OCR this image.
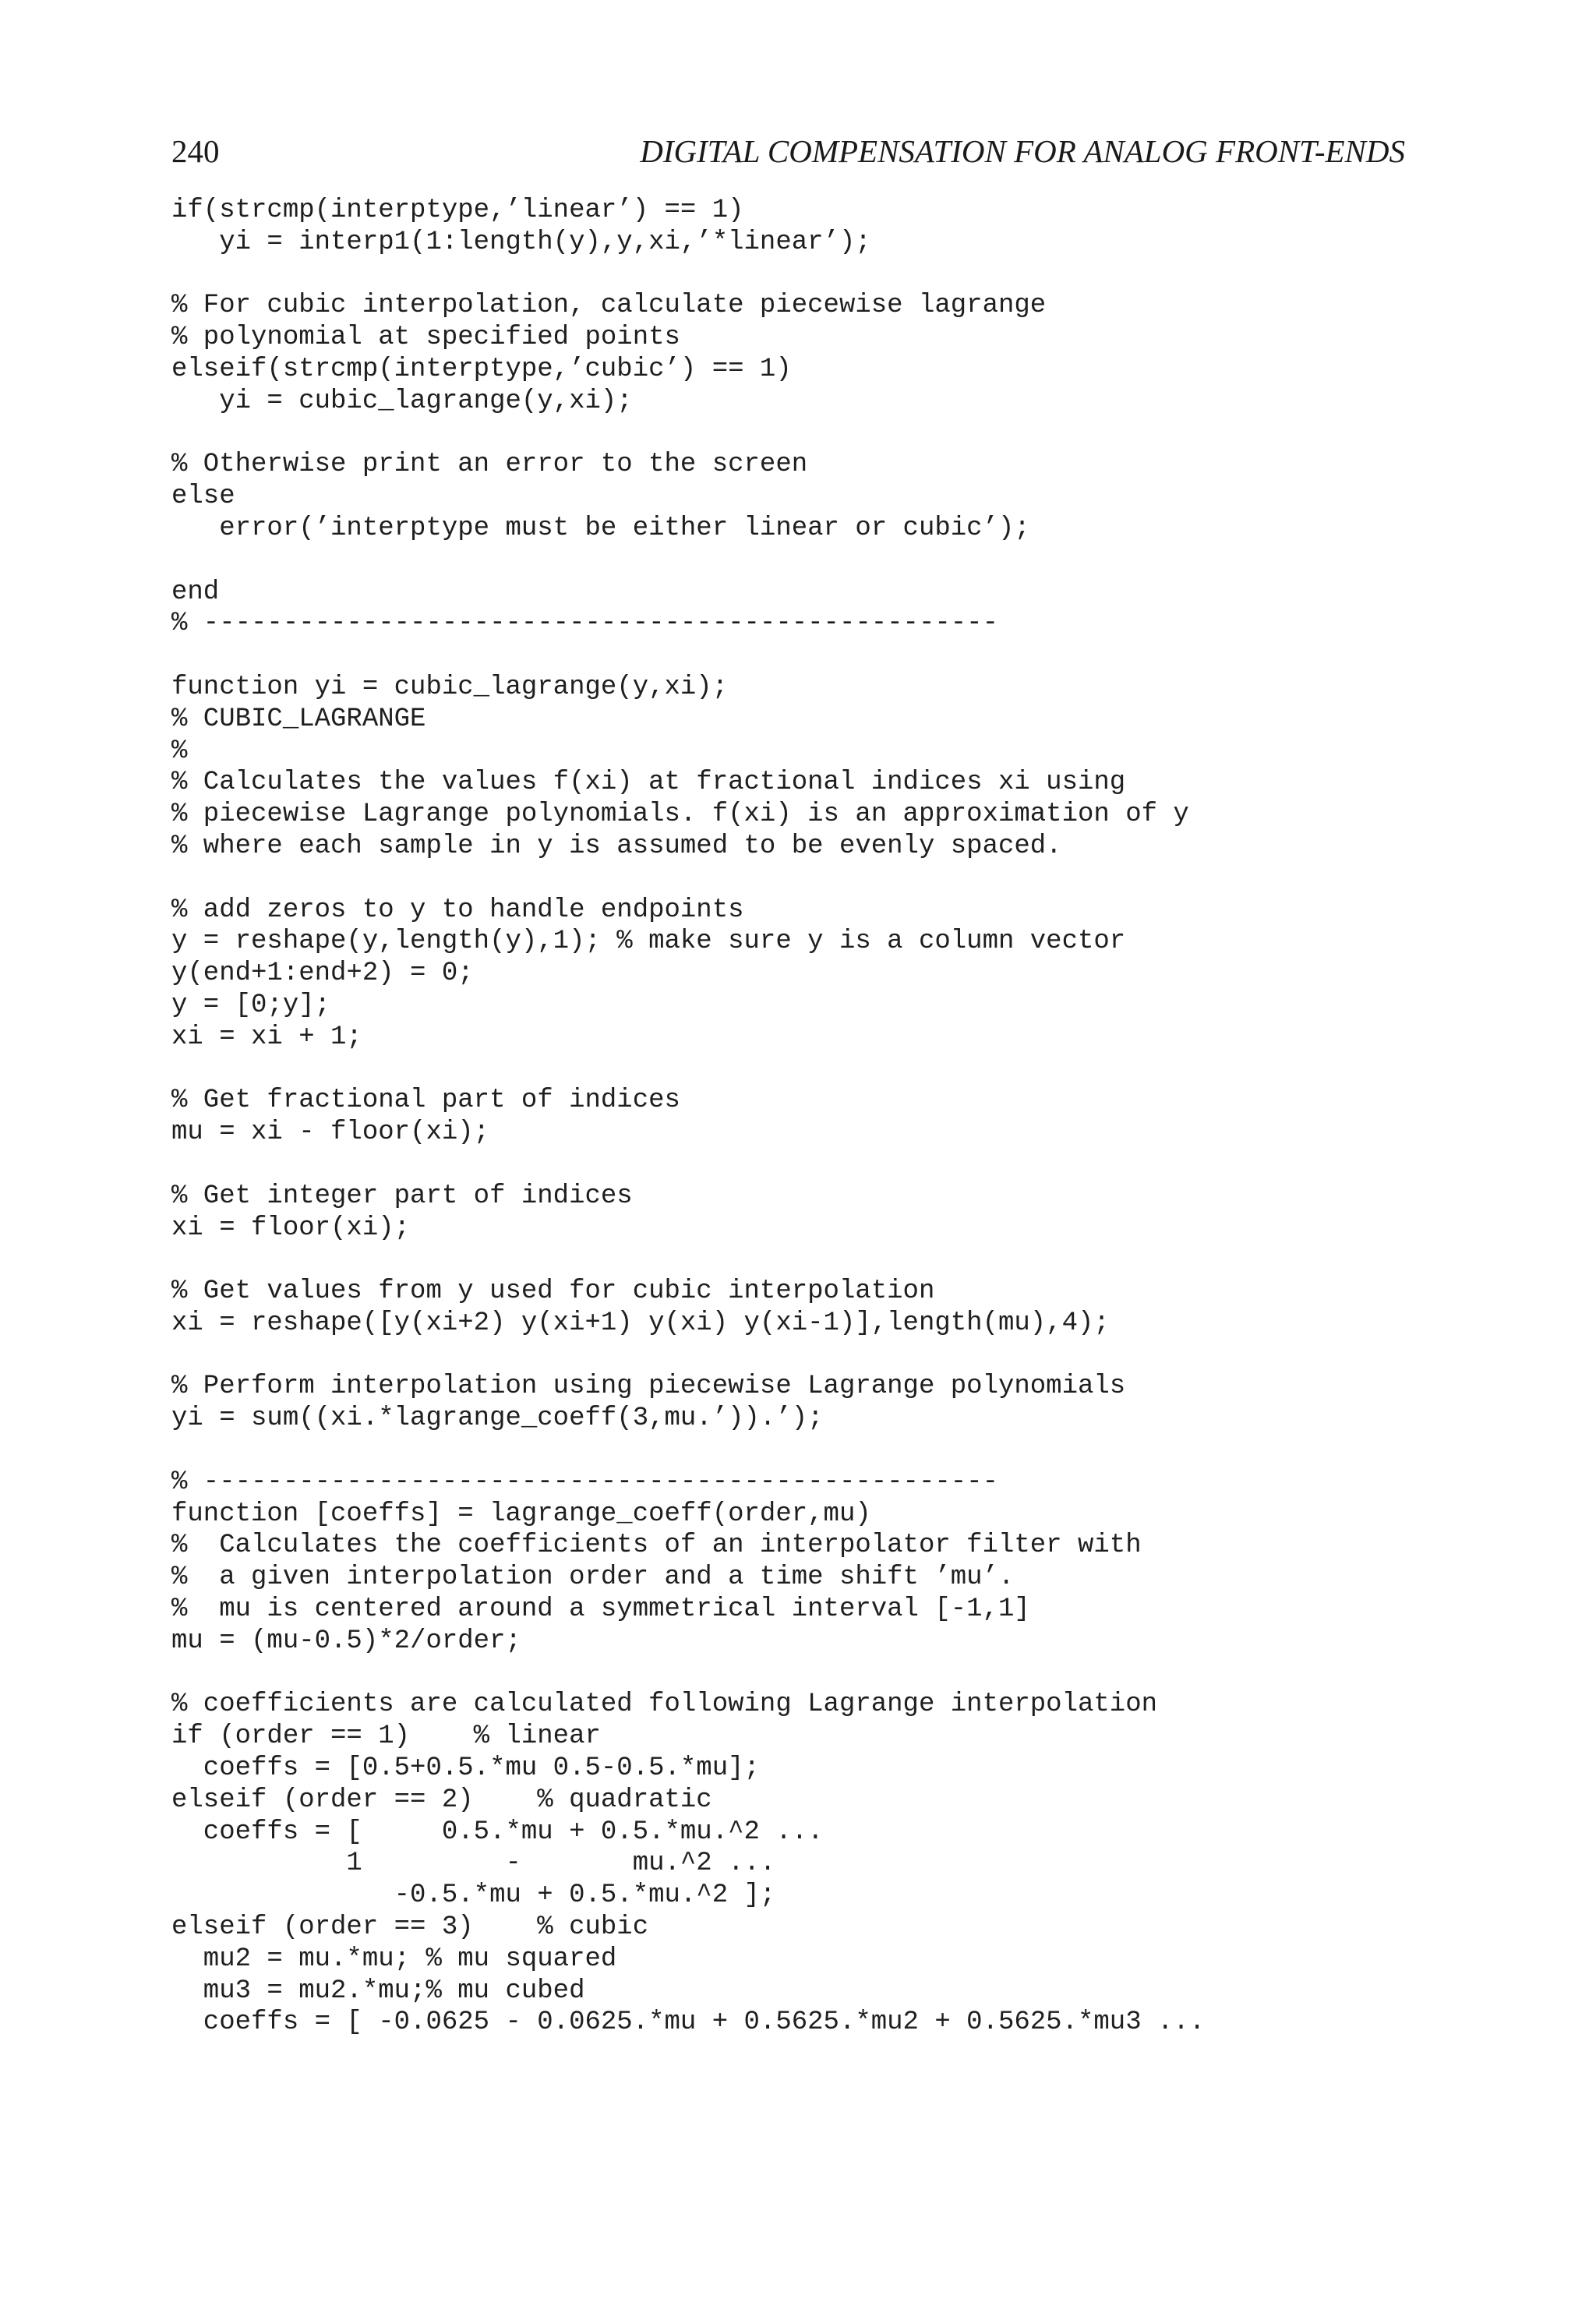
240	DIGITAL COMPENSATION FOR ANALOG FRONT-ENDS
if(strcmp(interptype,’linear’) == 1)
yi = interp1(1:length(y),y,xi,’*linear’);

% For cubic interpolation, calculate piecewise lagrange
% polynomial at specified points
elseif(strcmp(interptype,’cubic’) == 1)
yi = cubic_lagrange(y,xi);

% Otherwise print an error to the screen
else
error(’interptype must be either linear or cubic’);

end
% --------------------------------------------------

function yi = cubic_lagrange(y,xi);
% CUBIC_LAGRANGE
%
% Calculates the values f(xi) at fractional indices xi using
% piecewise Lagrange polynomials. f(xi) is an approximation of y
% where each sample in y is assumed to be evenly spaced.

% add zeros to y to handle endpoints
y = reshape(y,length(y),1); % make sure y is a column vector
y(end+1:end+2) = 0;
y = [0;y];
xi = xi + 1;

% Get fractional part of indices
mu = xi - floor(xi);

% Get integer part of indices
xi = floor(xi);

% Get values from y used for cubic interpolation
xi = reshape([y(xi+2) y(xi+1) y(xi) y(xi-1)],length(mu),4);

% Perform interpolation using piecewise Lagrange polynomials
yi = sum((xi.*lagrange_coeff(3,mu.’)).’);

% --------------------------------------------------
function [coeffs] = lagrange_coeff(order,mu)
%  Calculates the coefficients of an interpolator filter with
%  a given interpolation order and a time shift ’mu’.
%  mu is centered around a symmetrical interval [-1,1]
mu = (mu-0.5)*2/order;

% coefficients are calculated following Lagrange interpolation
if (order == 1)    % linear
coeffs = [0.5+0.5.*mu 0.5-0.5.*mu];
elseif (order == 2)    % quadratic
coeffs = [     0.5.*mu + 0.5.*mu.^2 ...
1         -       mu.^2 ...
-0.5.*mu + 0.5.*mu.^2 ];
elseif (order == 3)    % cubic
mu2 = mu.*mu; % mu squared
mu3 = mu2.*mu;% mu cubed
coeffs = [ -0.0625 - 0.0625.*mu + 0.5625.*mu2 + 0.5625.*mu3 ...
